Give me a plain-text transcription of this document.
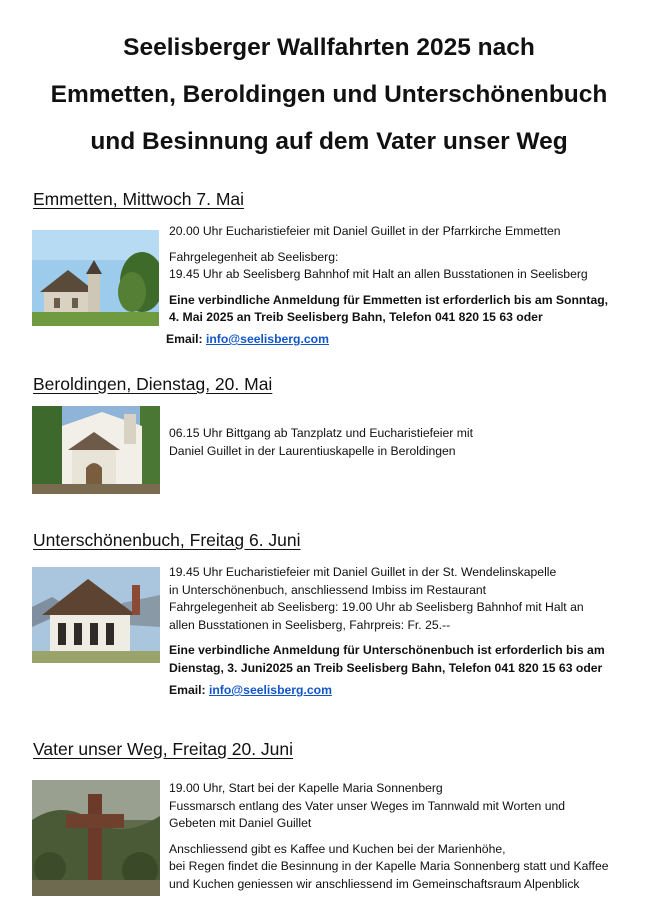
Seelisberger Wallfahrten 2025 nach
Emmetten, Beroldingen und Unterschönenbuch
und Besinnung auf dem Vater unser Weg
Emmetten, Mittwoch 7. Mai

20.00 Uhr Eucharistiefeier mit Daniel Guillet in der Pfarrkirche Emmetten

Fahrgelegenheit ab Seelisberg:

19.45 Uhr ab Seelisberg Bahnhof mit Halt an allen Busstationen in Seelisberg

Eine verbindliche Anmeldung für Emmetten ist erforderlich bis am Sonntag,

4. Mai 2025 an Treib Seelisberg Bahn, Telefon 041 820 15 63 oder

Email: info@seelisberg.com
Beroldingen, Dienstag, 20. Mai

06.15 Uhr Bittgang ab Tanzplatz und Eucharistiefeier mit

Daniel Guillet in der Laurentiuskapelle in Beroldingen

Unterschönenbuch, Freitag 6. Juni

19.45 Uhr Eucharistiefeier mit Daniel Guillet in der St. Wendelinskapelle

in Unterschönenbuch, anschliessend Imbiss im Restaurant

Fahrgelegenheit ab Seelisberg: 19.00 Uhr ab Seelisberg Bahnhof mit Halt an

allen Busstationen in Seelisberg, Fahrpreis: Fr. 25.--

Eine verbindliche Anmeldung für Unterschönenbuch ist erforderlich bis am

Dienstag, 3. Juni2025 an Treib Seelisberg Bahn, Telefon 041 820 15 63 oder

Email: info@seelisberg.com
Vater unser Weg, Freitag 20. Juni

19.00 Uhr, Start bei der Kapelle Maria Sonnenberg

Fussmarsch entlang des Vater unser Weges im Tannwald mit Worten und

Gebeten mit Daniel Guillet

Anschliessend gibt es Kaffee und Kuchen bei der Marienhöhe,

bei Regen findet die Besinnung in der Kapelle Maria Sonnenberg statt und Kaffee

und Kuchen geniessen wir anschliessend im Gemeinschaftsraum Alpenblick
